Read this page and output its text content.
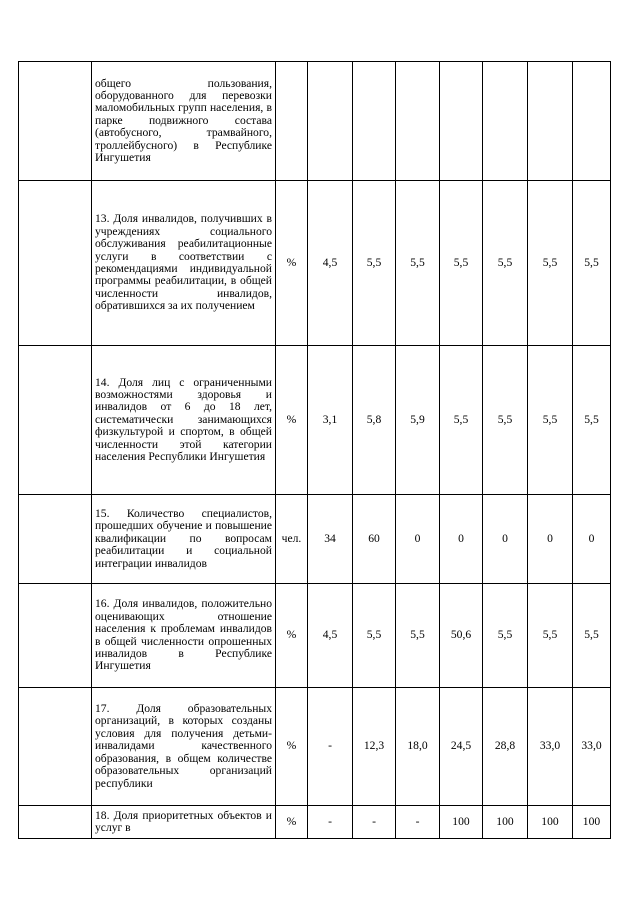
	общего пользования, оборудованного для перевозки маломобильных групп населения, в парке подвижного состава (автобусного, трамвайного, троллейбусного) в Республике Ингушетия								
	13. Доля инвалидов, получивших в учреждениях социального обслуживания реабилитационные услуги в соответствии с рекомендациями индивидуальной программы реабилитации, в общей численности инвалидов, обратившихся за их получением	%	4,5	5,5	5,5	5,5	5,5	5,5	5,5
	14. Доля лиц с ограниченными возможностями здоровья и инвалидов от 6 до 18 лет, систематически занимающихся физкультурой и спортом, в общей численности этой категории населения Республики Ингушетия	%	3,1	5,8	5,9	5,5	5,5	5,5	5,5
	15. Количество специалистов, прошедших обучение и повышение квалификации по вопросам реабилитации и социальной интеграции инвалидов	чел.	34	60	0	0	0	0	0
	16. Доля инвалидов, положительно оценивающих отношение населения к проблемам инвалидов в общей численности опрошенных инвалидов в Республике Ингушетия	%	4,5	5,5	5,5	50,6	5,5	5,5	5,5
	17. Доля образовательных организаций, в которых созданы условия для получения детьми-инвалидами качественного образования, в общем количестве образовательных организаций республики	%	-	12,3	18,0	24,5	28,8	33,0	33,0
	18. Доля приоритетных объектов и услуг в	%	-	-	-	100	100	100	100
